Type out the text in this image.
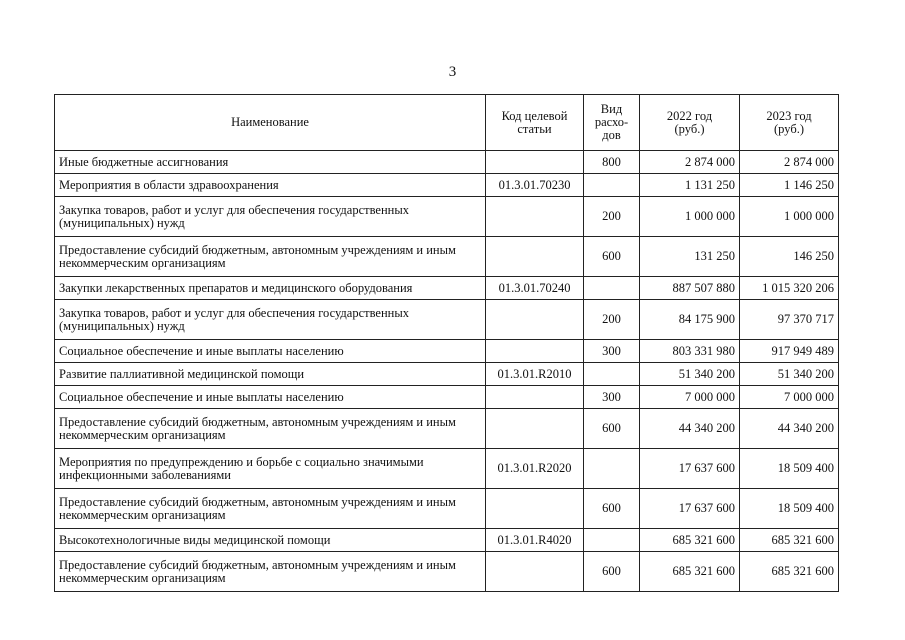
3
Наименование	Код целевой статьи	Вид расхо-дов	2022 год (руб.)	2023 год (руб.)
Иные бюджетные ассигнования		800	2 874 000	2 874 000
Мероприятия в области здравоохранения	01.3.01.70230		1 131 250	1 146 250
Закупка товаров, работ и услуг для обеспечения государственных (муниципальных) нужд		200	1 000 000	1 000 000
Предоставление субсидий бюджетным, автономным учреждениям и иным некоммерческим организациям		600	131 250	146 250
Закупки лекарственных препаратов и медицинского оборудования	01.3.01.70240		887 507 880	1 015 320 206
Закупка товаров, работ и услуг для обеспечения государственных (муниципальных) нужд		200	84 175 900	97 370 717
Социальное обеспечение и иные выплаты населению		300	803 331 980	917 949 489
Развитие паллиативной медицинской помощи	01.3.01.R2010		51 340 200	51 340 200
Социальное обеспечение и иные выплаты населению		300	7 000 000	7 000 000
Предоставление субсидий бюджетным, автономным учреждениям и иным некоммерческим организациям		600	44 340 200	44 340 200
Мероприятия по предупреждению и борьбе с социально значимыми инфекционными заболеваниями	01.3.01.R2020		17 637 600	18 509 400
Предоставление субсидий бюджетным, автономным учреждениям и иным некоммерческим организациям		600	17 637 600	18 509 400
Высокотехнологичные виды медицинской помощи	01.3.01.R4020		685 321 600	685 321 600
Предоставление субсидий бюджетным, автономным учреждениям и иным некоммерческим организациям		600	685 321 600	685 321 600
